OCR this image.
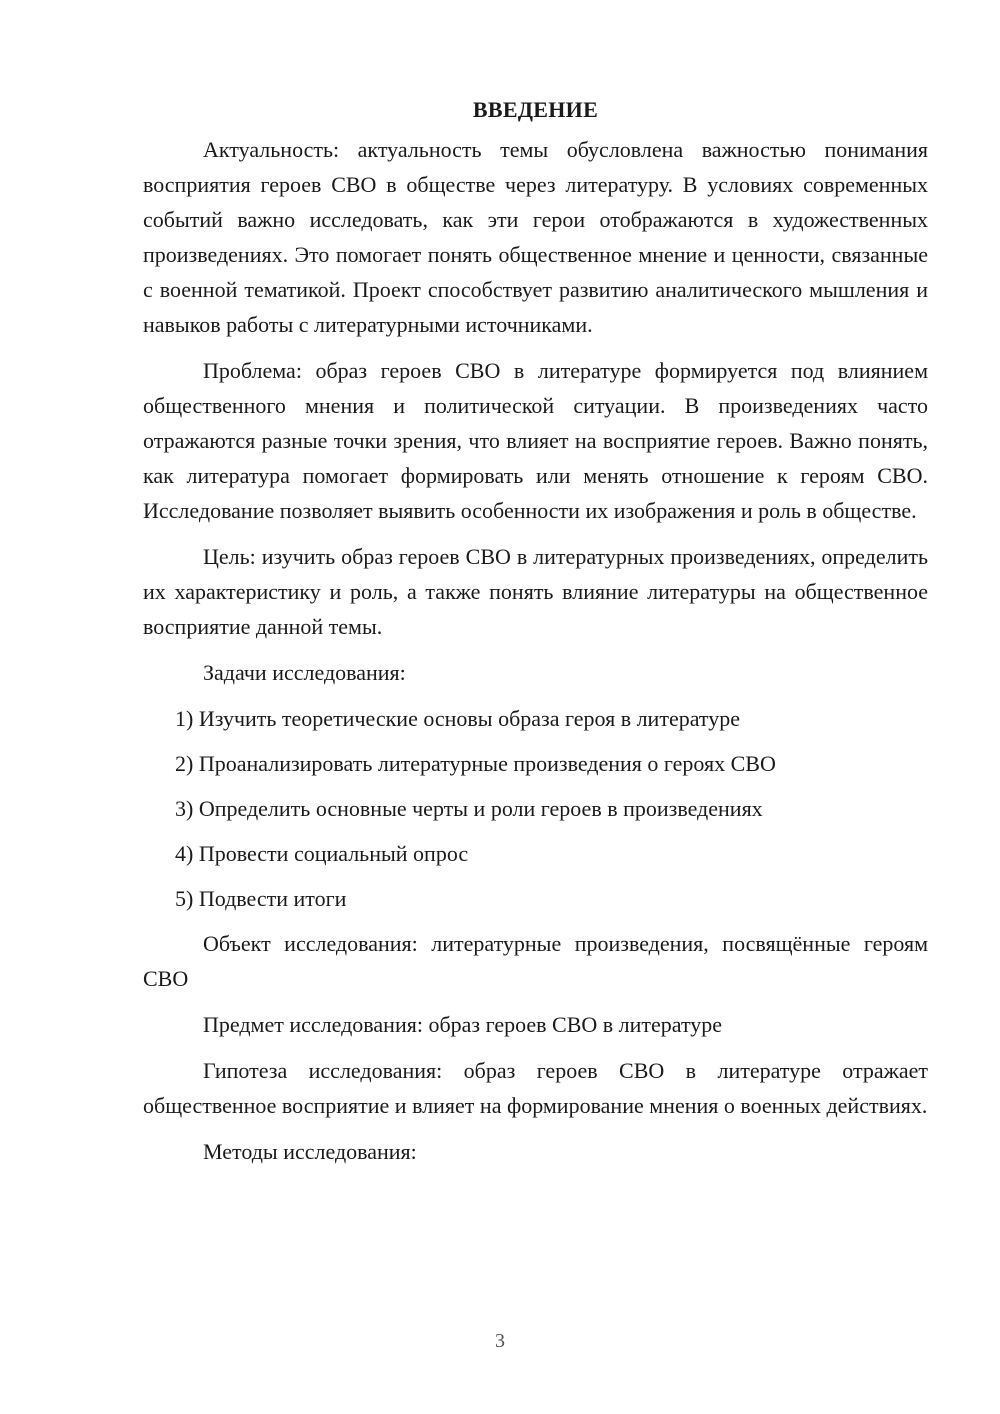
ВВЕДЕНИЕ

Актуальность: актуальность темы обусловлена важностью понимания восприятия героев СВО в обществе через литературу. В условиях современных событий важно исследовать, как эти герои отображаются в художественных произведениях. Это помогает понять общественное мнение и ценности, связанные с военной тематикой. Проект способствует развитию аналитического мышления и навыков работы с литературными источниками.

Проблема: образ героев СВО в литературе формируется под влиянием общественного мнения и политической ситуации. В произведениях часто отражаются разные точки зрения, что влияет на восприятие героев. Важно понять, как литература помогает формировать или менять отношение к героям СВО. Исследование позволяет выявить особенности их изображения и роль в обществе.

Цель: изучить образ героев СВО в литературных произведениях, определить их характеристику и роль, а также понять влияние литературы на общественное восприятие данной темы.

Задачи исследования:

1) Изучить теоретические основы образа героя в литературе

2) Проанализировать литературные произведения о героях СВО

3) Определить основные черты и роли героев в произведениях

4) Провести социальный опрос

5) Подвести итоги

Объект исследования: литературные произведения, посвящённые героям СВО

Предмет исследования: образ героев СВО в литературе

Гипотеза исследования: образ героев СВО в литературе отражает общественное восприятие и влияет на формирование мнения о военных действиях.

Методы исследования:

3
